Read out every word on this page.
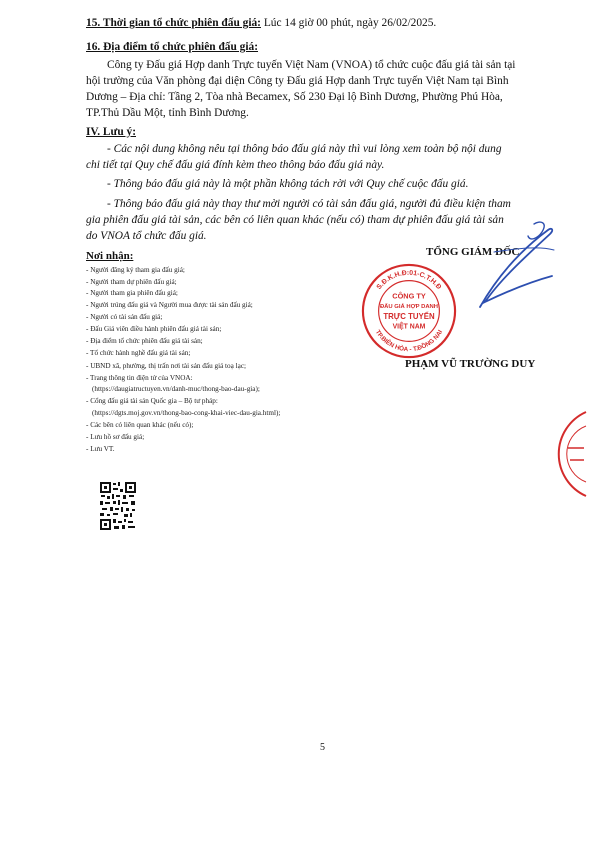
15. Thời gian tổ chức phiên đấu giá: Lúc 14 giờ 00 phút, ngày 26/02/2025.
16. Địa điểm tổ chức phiên đấu giá:
Công ty Đấu giá Hợp danh Trực tuyến Việt Nam (VNOA) tổ chức cuộc đấu giá tài sản tại
hội trường của Văn phòng đại diện Công ty Đấu giá Hợp danh Trực tuyến Việt Nam tại Bình
Dương – Địa chỉ: Tầng 2, Tòa nhà Becamex, Số 230 Đại lộ Bình Dương, Phường Phú Hòa,
TP.Thủ Dầu Một, tỉnh Bình Dương.
IV. Lưu ý:
- Các nội dung không nêu tại thông báo đấu giá này thì vui lòng xem toàn bộ nội dung
chi tiết tại Quy chế đấu giá đính kèm theo thông báo đấu giá này.
- Thông báo đấu giá này là một phần không tách rời với Quy chế cuộc đấu giá.
- Thông báo đấu giá này thay thư mời người có tài sản đấu giá, người đủ điều kiện tham
gia phiên đấu giá tài sản, các bên có liên quan khác (nếu có) tham dự phiên đấu giá tài sản
do VNOA tổ chức đấu giá.
Nơi nhận:
- Người đăng ký tham gia đấu giá;
- Người tham dự phiên đấu giá;
- Người tham gia phiên đấu giá;
- Người trúng đấu giá và Người mua được tài sản đấu giá;
- Người có tài sản đấu giá;
- Đấu Giá viên điều hành phiên đấu giá tài sản;
- Địa điểm tổ chức phiên đấu giá tài sản;
- Tổ chức hành nghề đấu giá tài sản;
- UBND xã, phường, thị trấn nơi tài sản đấu giá toạ lạc;
- Trang thông tin điện tử của VNOA:
(https://daugiatructuyen.vn/danh-muc/thong-bao-dau-gia);
- Cổng đấu giá tài sản Quốc gia – Bộ tư pháp:
(https://dgts.moj.gov.vn/thong-bao-cong-khai-viec-dau-gia.html);
- Các bên có liên quan khác (nếu có);
- Lưu hồ sơ đấu giá;
- Lưu VT.
TỔNG GIÁM ĐỐC
S.Đ.K.H.Đ:01-C.T.H.Đ
TP.BIÊN HÒA - T.ĐỒNG NAI
CÔNG TY
ĐẤU GIÁ HỢP DANH
TRỰC TUYẾN
VIỆT NAM
PHẠM VŨ TRƯỜNG DUY
5
